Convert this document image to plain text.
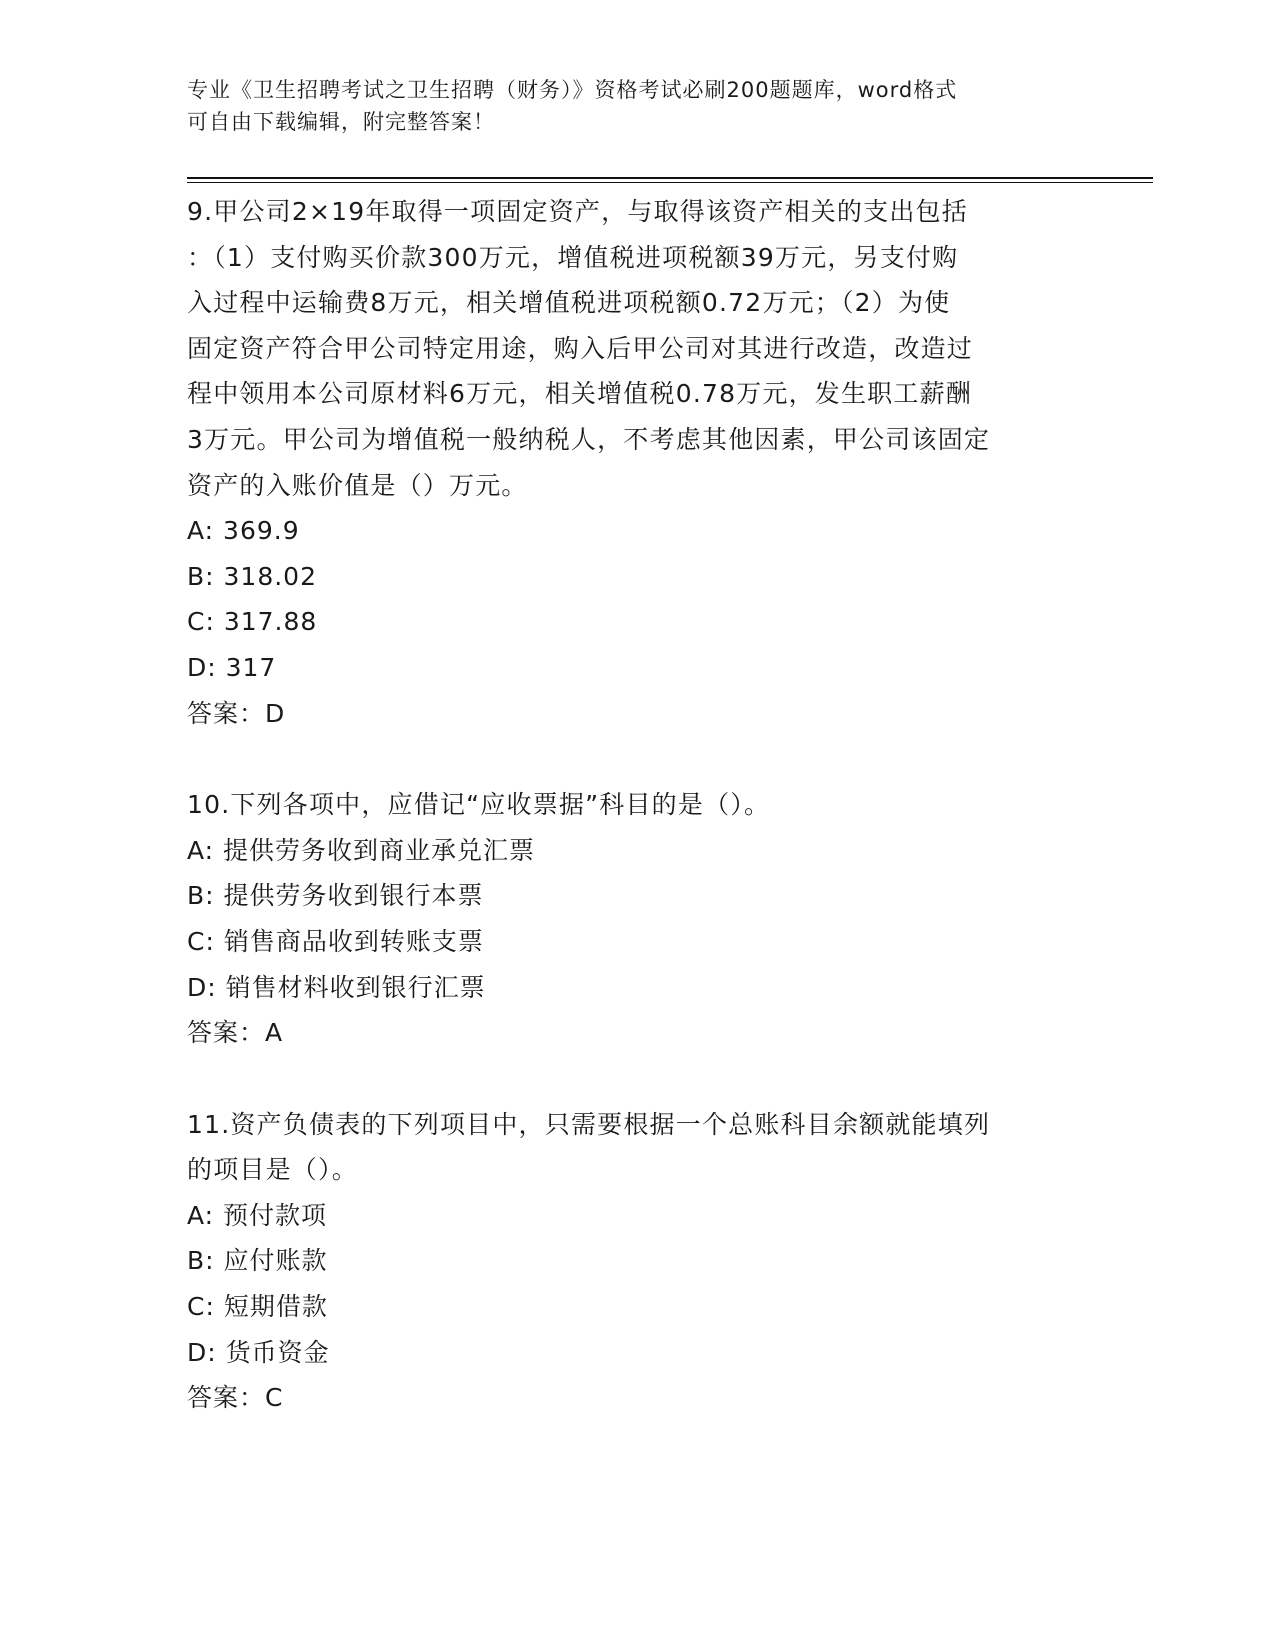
专业《卫生招聘考试之卫生招聘（财务）》资格考试必刷200题题库，word格式
可自由下载编辑，附完整答案！

9.甲公司2×19年取得一项固定资产，与取得该资产相关的支出包括

：（1）支付购买价款300万元，增值税进项税额39万元，另支付购

入过程中运输费8万元，相关增值税进项税额0.72万元；（2）为使

固定资产符合甲公司特定用途，购入后甲公司对其进行改造，改造过

程中领用本公司原材料6万元，相关增值税0.78万元，发生职工薪酬

3万元。甲公司为增值税一般纳税人，不考虑其他因素，甲公司该固定

资产的入账价值是（）万元。

A: 369.9

B: 318.02

C: 317.88

D: 317

答案：D

10.下列各项中，应借记“应收票据”科目的是（）。

A: 提供劳务收到商业承兑汇票

B: 提供劳务收到银行本票

C: 销售商品收到转账支票

D: 销售材料收到银行汇票

答案：A

11.资产负债表的下列项目中，只需要根据一个总账科目余额就能填列

的项目是（）。

A: 预付款项

B: 应付账款

C: 短期借款

D: 货币资金

答案：C
